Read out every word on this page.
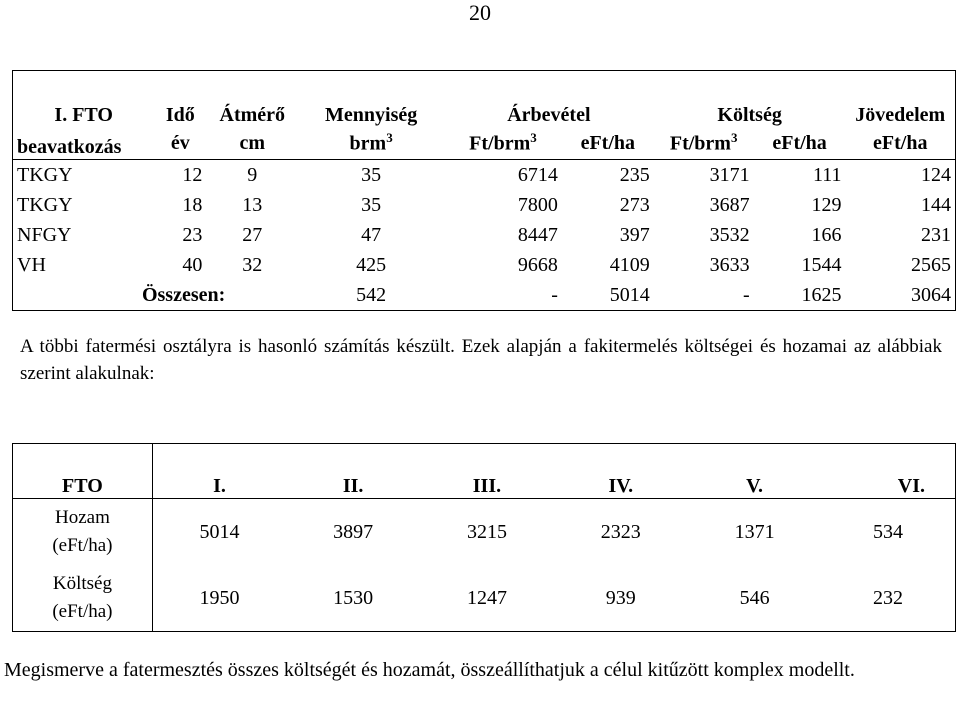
20
I. FTO	Idő	Átmérő	Mennyiség	Árbevétel		Költség		Jövedelem
beavatkozás	év	cm	brm$^3$	Ft/brm$^3$	eFt/ha	Ft/brm$^3$	eFt/ha	eFt/ha
TKGY	12	9	35	6714	235	3171	111	124
TKGY	18	13	35	7800	273	3687	129	144
NFGY	23	27	47	8447	397	3532	166	231
VH	40	32	425	9668	4109	3633	1544	2565
Összesen:			542	-	5014	-	1625	3064
A többi fatermési osztályra is hasonló számítás készült. Ezek alapján a fakitermelés költségei és hozamai az alábbiak szerint alakulnak:
FTO	I.	II.	III.	IV.	V.	VI.

Hozam
(eFt/ha)	5014	3897	3215	2323	1371	534

Költség
(eFt/ha)	1950	1530	1247	939	546	232
Megismerve a fatermesztés összes költségét és hozamát, összeállíthatjuk a célul kitűzött komplex modellt.
